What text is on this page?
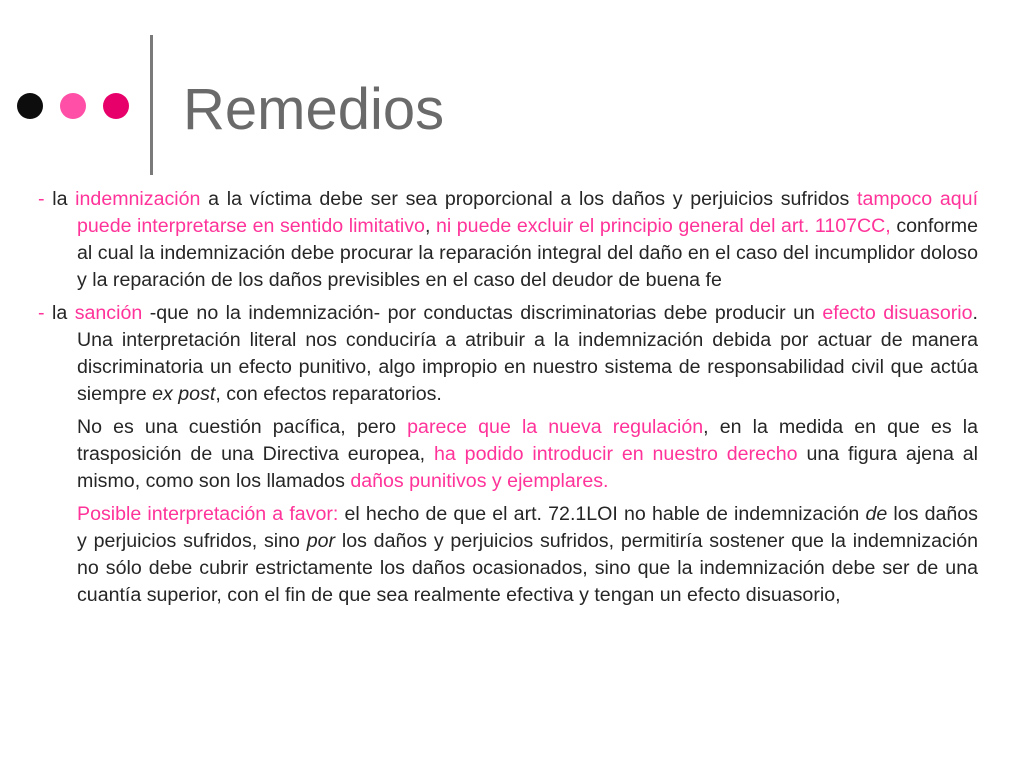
Remedios

- la indemnización a la víctima debe ser sea proporcional a los daños y perjuicios sufridos tampoco aquí puede interpretarse en sentido limitativo, ni puede excluir el principio general del art. 1107CC, conforme al cual la indemnización debe procurar la reparación integral del daño en el caso del incumplidor doloso y la reparación de los daños previsibles en el caso del deudor de buena fe

- la sanción -que no la indemnización- por conductas discriminatorias debe producir un efecto disuasorio. Una interpretación literal nos conduciría a atribuir a la indemnización debida por actuar de manera discriminatoria un efecto punitivo, algo impropio en nuestro sistema de responsabilidad civil que actúa siempre ex post, con efectos reparatorios.

No es una cuestión pacífica, pero parece que la nueva regulación, en la medida en que es la trasposición de una Directiva europea, ha podido introducir en nuestro derecho una figura ajena al mismo, como son los llamados daños punitivos y ejemplares.

Posible interpretación a favor: el hecho de que el art. 72.1LOI no hable de indemnización de los daños y perjuicios sufridos, sino por los daños y perjuicios sufridos, permitiría sostener que la indemnización no sólo debe cubrir estrictamente los daños ocasionados, sino que la indemnización debe ser de una cuantía superior, con el fin de que sea realmente efectiva y tengan un efecto disuasorio,
